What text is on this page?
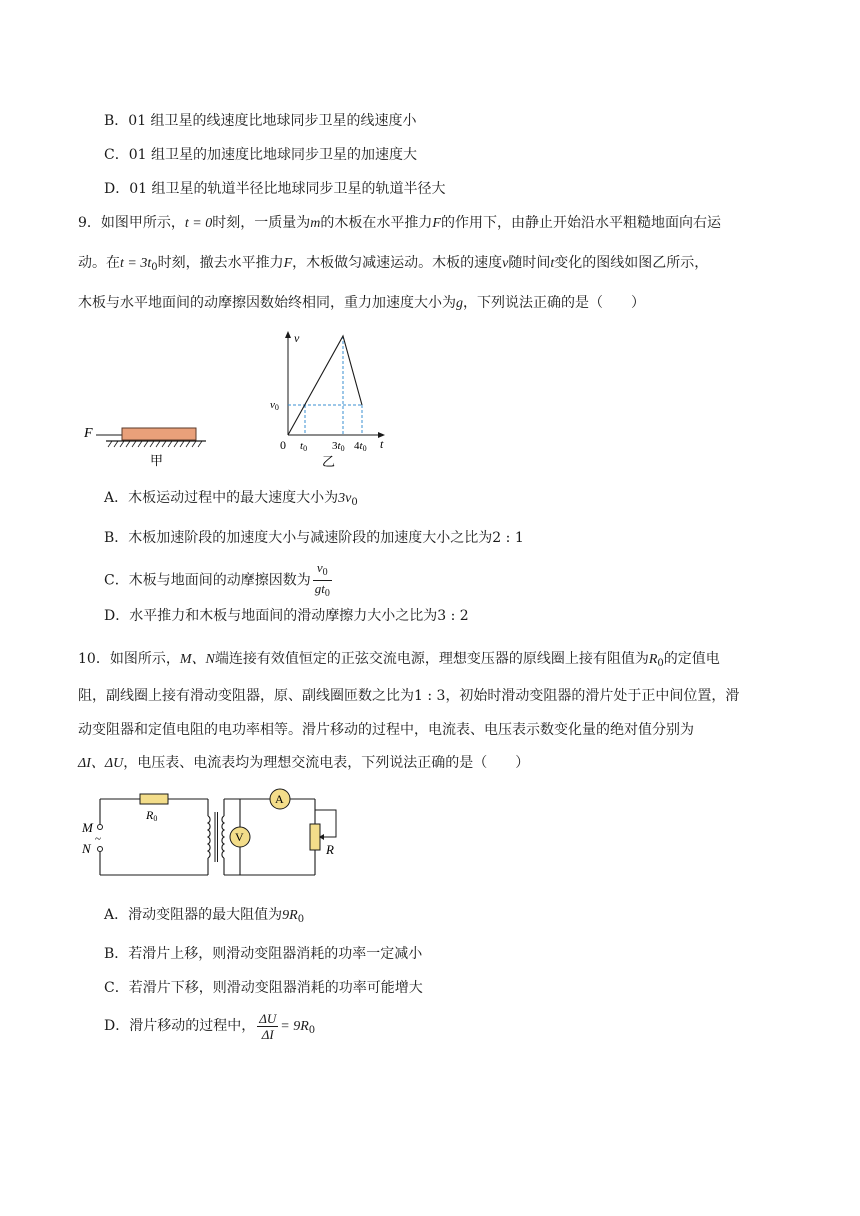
B．01 组卫星的线速度比地球同步卫星的线速度小
C．01 组卫星的加速度比地球同步卫星的加速度大
D．01 组卫星的轨道半径比地球同步卫星的轨道半径大
9．如图甲所示，t = 0时刻，一质量为m的木板在水平推力F的作用下，由静止开始沿水平粗糙地面向右运
动。在$t = 3t_0$时刻，撤去水平推力F，木板做匀减速运动。木板的速度v随时间t变化的图线如图乙所示，
木板与水平地面间的动摩擦因数始终相同，重力加速度大小为g，下列说法正确的是（　　）
F
甲
v
t
0
v0
t0 3t0 4t0
乙
A．木板运动过程中的最大速度大小为$3v_0$
B．木板加速阶段的加速度大小与减速阶段的加速度大小之比为2 : 1
C．木板与地面间的动摩擦因数为 $\frac{v_0}{gt_0}$
D．水平推力和木板与地面间的滑动摩擦力大小之比为3 : 2
10．如图所示，M、N端连接有效值恒定的正弦交流电源，理想变压器的原线圈上接有阻值为$R_0$的定值电
阻，副线圈上接有滑动变阻器，原、副线圈匝数之比为1 : 3，初始时滑动变阻器的滑片处于正中间位置，滑
动变阻器和定值电阻的电功率相等。滑片移动的过程中，电流表、电压表示数变化量的绝对值分别为
ΔI、ΔU，电压表、电流表均为理想交流电表，下列说法正确的是（　　）
R0
M
N
~
A
V
R
A．滑动变阻器的最大阻值为$9R_0$
B．若滑片上移，则滑动变阻器消耗的功率一定减小
C．若滑片下移，则滑动变阻器消耗的功率可能增大
D．滑片移动的过程中， $\frac{\Delta U}{\Delta I} = 9R_0$
